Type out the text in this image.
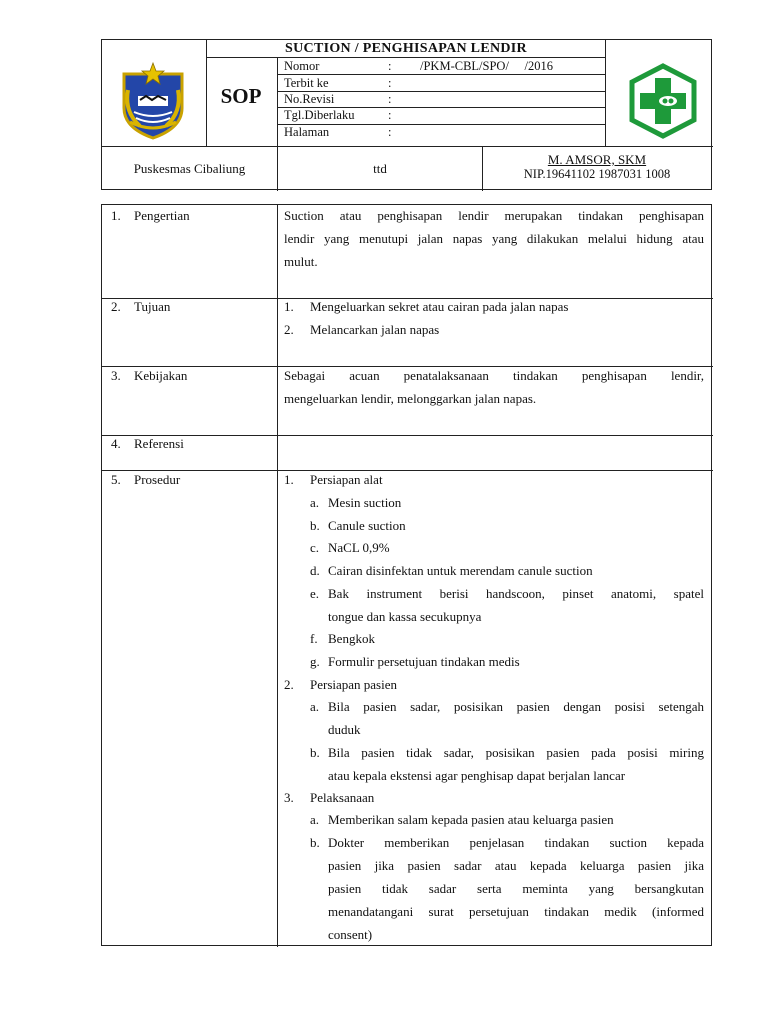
SUCTION / PENGHISAPAN LENDIR
SOP
Nomor	: /PKM-CBL/SPO/     /2016
Terbit ke	:
No.Revisi	:
Tgl.Diberlaku	:
Halaman	:
Puskesmas Cibaliung	ttd
M. AMSOR, SKM
NIP.19641102 1987031 1008
1. Pengertian	Suction atau penghisapan lendir merupakan tindakan penghisapan
lendir yang menutupi jalan napas yang dilakukan melalui hidung atau
mulut.
2. Tujuan	1. Mengeluarkan sekret atau cairan pada jalan napas
2. Melancarkan jalan napas
3. Kebijakan	Sebagai acuan penatalaksanaan tindakan penghisapan lendir,
mengeluarkan lendir, melonggarkan jalan napas.
4. Referensi
5. Prosedur	1. Persiapan alat
a. Mesin suction
b. Canule suction
c. NaCL 0,9%
d. Cairan disinfektan untuk merendam canule suction
e. Bak instrument berisi handscoon, pinset anatomi, spatel
tongue dan kassa secukupnya
f. Bengkok
g. Formulir persetujuan tindakan medis
2. Persiapan pasien
a. Bila pasien sadar, posisikan pasien dengan posisi setengah
duduk
b. Bila pasien tidak sadar, posisikan pasien pada posisi miring
atau kepala ekstensi agar penghisap dapat berjalan lancar
3. Pelaksanaan
a. Memberikan salam kepada pasien atau keluarga pasien
b. Dokter memberikan penjelasan tindakan suction kepada
pasien jika pasien sadar atau kepada keluarga pasien jika
pasien tidak sadar serta meminta yang bersangkutan
menandatangani surat persetujuan tindakan medik (informed
consent)
